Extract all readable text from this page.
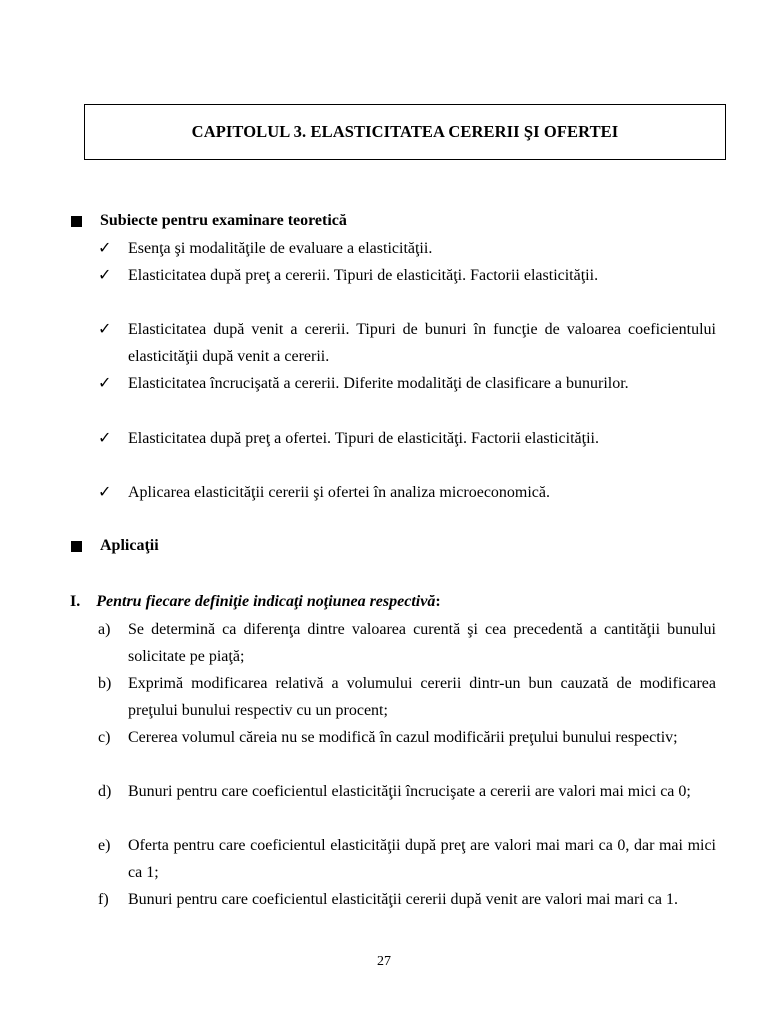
CAPITOLUL 3. ELASTICITATEA CERERII ŞI OFERTEI
Subiecte pentru examinare teoretică
✓	Esenţa şi modalităţile de evaluare a elasticităţii.
✓	Elasticitatea după preţ a cererii. Tipuri de elasticităţi. Factorii elasticităţii.
✓	Elasticitatea după venit a cererii. Tipuri de bunuri în funcţie de valoarea coeficientului elasticităţii după venit a cererii.
✓	Elasticitatea încrucişată a cererii. Diferite modalităţi de clasificare a bunurilor.
✓	Elasticitatea după preţ a ofertei. Tipuri de elasticităţi. Factorii elasticităţii.
✓	Aplicarea elasticităţii cererii şi ofertei în analiza microeconomică.
Aplicaţii
I. Pentru fiecare definiţie indicaţi noţiunea respectivă:
a)	Se determină ca diferenţa dintre valoarea curentă şi cea precedentă a cantităţii bunului solicitate pe piaţă;
b)	Exprimă modificarea relativă a volumului cererii dintr-un bun cauzată de modificarea preţului bunului respectiv cu un procent;
c)	Cererea volumul căreia nu se modifică în cazul modificării preţului bunului respectiv;
d)	Bunuri pentru care coeficientul elasticităţii încrucişate a cererii are valori mai mici ca 0;
e)	Oferta pentru care coeficientul elasticităţii după preţ are valori mai mari ca 0, dar mai mici ca 1;
f)	Bunuri pentru care coeficientul elasticităţii cererii după venit are valori mai mari ca 1.
27
